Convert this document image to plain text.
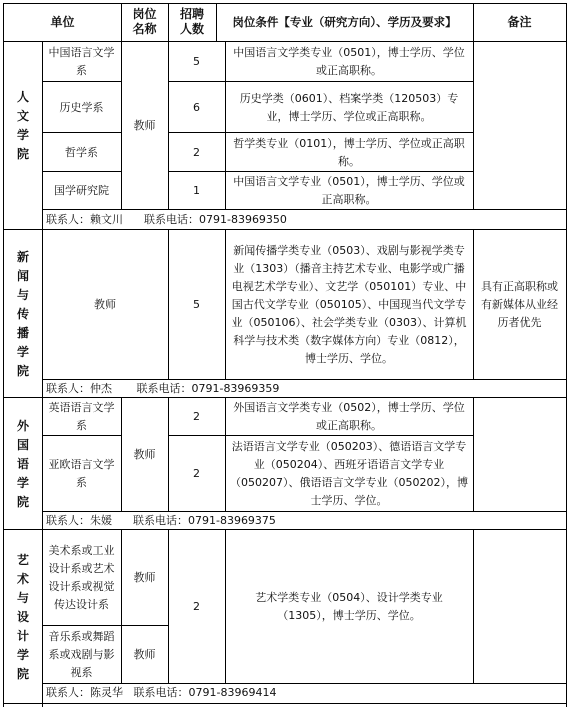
单位
岗位名称
招聘人数
岗位条件【专业（研究方向）、学历及要求】	备注
人文学院
中国语言文学系
历史学系
哲学系
国学研究院
教师
5
6
2
1
中国语言文学类专业（0501），博士学历、学位或正高职称。
历史学类（0601）、档案学类（120503）专业，博士学历、学位或正高职称。
哲学类专业（0101），博士学历、学位或正高职称。
中国语言文学专业（0501），博士学历、学位或正高职称。
联系人：赖文川      联系电话：0791-83969350
新闻与传播学院
教师	5
新闻传播学类专业（0503）、戏剧与影视学类专业（1303）（播音主持艺术专业、电影学或广播电视艺术学专业）、文艺学（050101）专业、中国古代文学专业（050105）、中国现当代文学专业（050106）、社会学类专业（0303）、计算机科学与技术类（数字媒体方向）专业（0812），博士学历、学位。
具有正高职称或有新媒体从业经历者优先
联系人：仲杰       联系电话：0791-83969359
外国语学院
英语语言文学系
亚欧语言文学系
教师
2
2
外国语言文学类专业（0502），博士学历、学位或正高职称。
法语语言文学专业（050203）、德语语言文学专业（050204）、西班牙语语言文学专业（050207）、俄语语言文学专业（050202），博士学历、学位。
联系人：朱媛      联系电话：0791-83969375
艺术与设计学院
美术系或工业设计系或艺术设计系或视觉传达设计系
音乐系或舞蹈系或戏剧与影视系
教师
教师
2
艺术学类专业（0504）、设计学类专业（1305），博士学历、学位。
联系人：陈灵华   联系电话：0791-83969414
